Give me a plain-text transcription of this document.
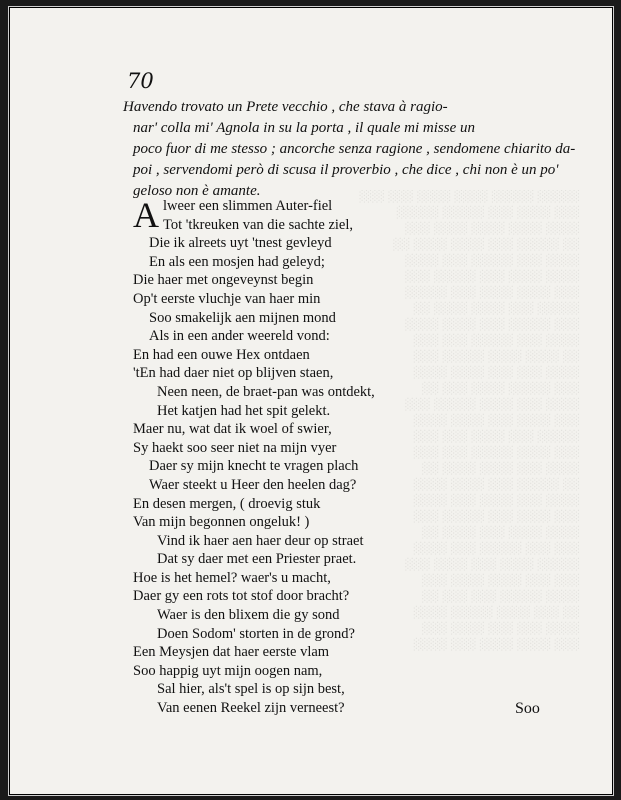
░░░░░ ░░░░░ ░░░░ ░░░░ ░░░ ░░░
░░░ ░░░░ ░░░ ░░░░░ ░░░░░
░░░░ ░░░░ ░░░░ ░░░░ ░░░
░░ ░░░░░ ░░░ ░░░░ ░░░░ ░░
░░░░ ░░░ ░░░░░ ░░░ ░░░░
░░░░ ░░░░ ░░░ ░░░░░ ░░░
░░░ ░░░░ ░░░░ ░░░ ░░░░░
░░░░░ ░░░ ░░░░ ░░░░ ░░
░░░ ░░░░░ ░░░ ░░░░ ░░░░
░░░░ ░░░ ░░░░░ ░░░ ░░░
░░ ░░░░ ░░░░ ░░░░░ ░░░
░░░░ ░░░ ░░░ ░░░░ ░░░░
░░░ ░░░░░ ░░░░ ░░░ ░░
░░░░ ░░░ ░░░░ ░░░░░ ░░░
░░░ ░░░░ ░░░ ░░░░ ░░░░
░░░░░ ░░░ ░░░░ ░░░ ░░░
░░░ ░░░░ ░░░░░ ░░░ ░░░
░░░░ ░░░ ░░░░ ░░░░ ░░
░░ ░░░░░ ░░░ ░░░░ ░░░░
░░░░ ░░░ ░░░░ ░░░ ░░░░
░░░ ░░░░ ░░░ ░░░░░ ░░░
░░░░ ░░░░ ░░░ ░░░░ ░░
░░░ ░░░ ░░░░░ ░░░ ░░░░
░░░░░ ░░░░ ░░░ ░░░░ ░░░
░░░ ░░░ ░░░░ ░░░░ ░░░
░░░░ ░░░░░ ░░░ ░░░ ░░
░░ ░░░ ░░░░ ░░░░░ ░░░░
░░░░ ░░░ ░░░ ░░░░ ░░░
░░░ ░░░░ ░░░░ ░░░ ░░░░
70
Havendo trovato un Prete vecchio , che stava à ragio-
nar' colla mi' Agnola in su la porta , il quale mi misse un
poco fuor di me stesso ; ancorche senza ragione , sendomene chiarito da-
poi , servendomi però di scusa il proverbio , che dice , chi non è un po'
geloso non è amante.
A lweer een slimmen Auter-fiel
Tot 'tkreuken van die sachte ziel,
Die ik alreets uyt 'tnest gevleyd
En als een mosjen had geleyd;
Die haer met ongeveynst begin
Op't eerste vluchje van haer min
Soo smakelijk aen mijnen mond
Als in een ander weereld vond:
En had een ouwe Hex ontdaen
'tEn had daer niet op blijven staen,
Neen neen, de braet-pan was ontdekt,
Het katjen had het spit gelekt.
Maer nu, wat dat ik woel of swier,
Sy haekt soo seer niet na mijn vyer
Daer sy mijn knecht te vragen plach
Waer steekt u Heer den heelen dag?
En desen mergen, ( droevig stuk
Van mijn begonnen ongeluk! )
Vind ik haer aen haer deur op straet
Dat sy daer met een Priester praet.
Hoe is het hemel? waer's u macht,
Daer gy een rots tot stof door bracht?
Waer is den blixem die gy sond
Doen Sodom' storten in de grond?
Een Meysjen dat haer eerste vlam
Soo happig uyt mijn oogen nam,
Sal hier, als't spel is op sijn best,
Van eenen Reekel zijn verneest?	Soo
